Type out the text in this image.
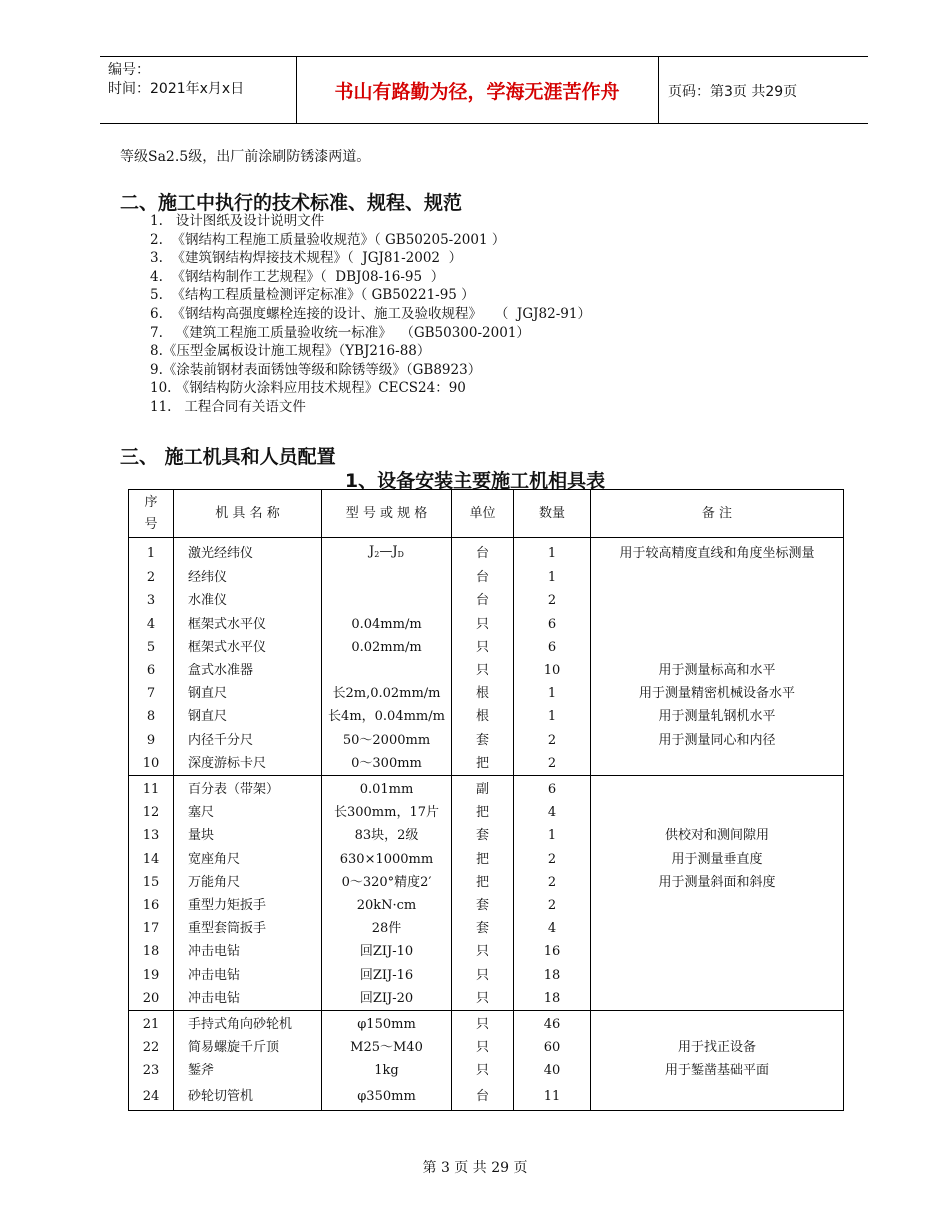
编号：
时间：2021年x月x日	书山有路勤为径，学海无涯苦作舟	页码：第3页 共29页
等级Sa2.5级，出厂前涂刷防锈漆两道。
二、施工中执行的技术标准、规程、规范
1.   设计图纸及设计说明文件
2.  《钢结构工程施工质量验收规范》（ GB50205-2001 ）
3.  《建筑钢结构焊接技术规程》（  JGJ81-2002  ）
4.  《钢结构制作工艺规程》（  DBJ08-16-95  ）
5.  《结构工程质量检测评定标准》（ GB50221-95 ）
6.  《钢结构高强度螺栓连接的设计、施工及验收规程》   （  JGJ82-91）
7.   《建筑工程施工质量验收统一标准》  （GB50300-2001）
8.《压型金属板设计施工规程》（YBJ216-88）
9.《涂装前钢材表面锈蚀等级和除锈等级》（GB8923）
10. 《钢结构防火涂料应用技术规程》CECS24：90
11.   工程合同有关语文件
三、 施工机具和人员配置
1、设备安装主要施工机相具表
序
号	机 具 名 称	型 号 或 规 格	单位	数量	备 注
1	激光经纬仪	$J_2—J_D$	台	1	用于较高精度直线和角度坐标测量
2	经纬仪		台	1	
3	水准仪		台	2	
4	框架式水平仪	0.04mm/m	只	6	
5	框架式水平仪	0.02mm/m	只	6	
6	盒式水准器		只	10	用于测量标高和水平
7	钢直尺	长2m,0.02mm/m	根	1	用于测量精密机械设备水平
8	钢直尺	长4m，0.04mm/m	根	1	用于测量轧钢机水平
9	内径千分尺	50～2000mm	套	2	用于测量同心和内径
10	深度游标卡尺	0～300mm	把	2	
11	百分表（带架）	0.01mm	副	6	
12	塞尺	长300mm，17片	把	4	
13	量块	83块，2级	套	1	供校对和测间隙用
14	宽座角尺	630×1000mm	把	2	用于测量垂直度
15	万能角尺	0～320°精度2′	把	2	用于测量斜面和斜度
16	重型力矩扳手	20kN·cm	套	2	
17	重型套筒扳手	28件	套	4	
18	冲击电钻	回ZIJ-10	只	16	
19	冲击电钻	回ZIJ-16	只	18	
20	冲击电钻	回ZIJ-20	只	18	
21	手持式角向砂轮机	φ150mm	只	46	
22	简易螺旋千斤顶	M25～M40	只	60	用于找正设备
23	錾斧	1kg	只	40	用于錾凿基础平面
24	砂轮切管机	φ350mm	台	11	
第 3 页 共 29 页
